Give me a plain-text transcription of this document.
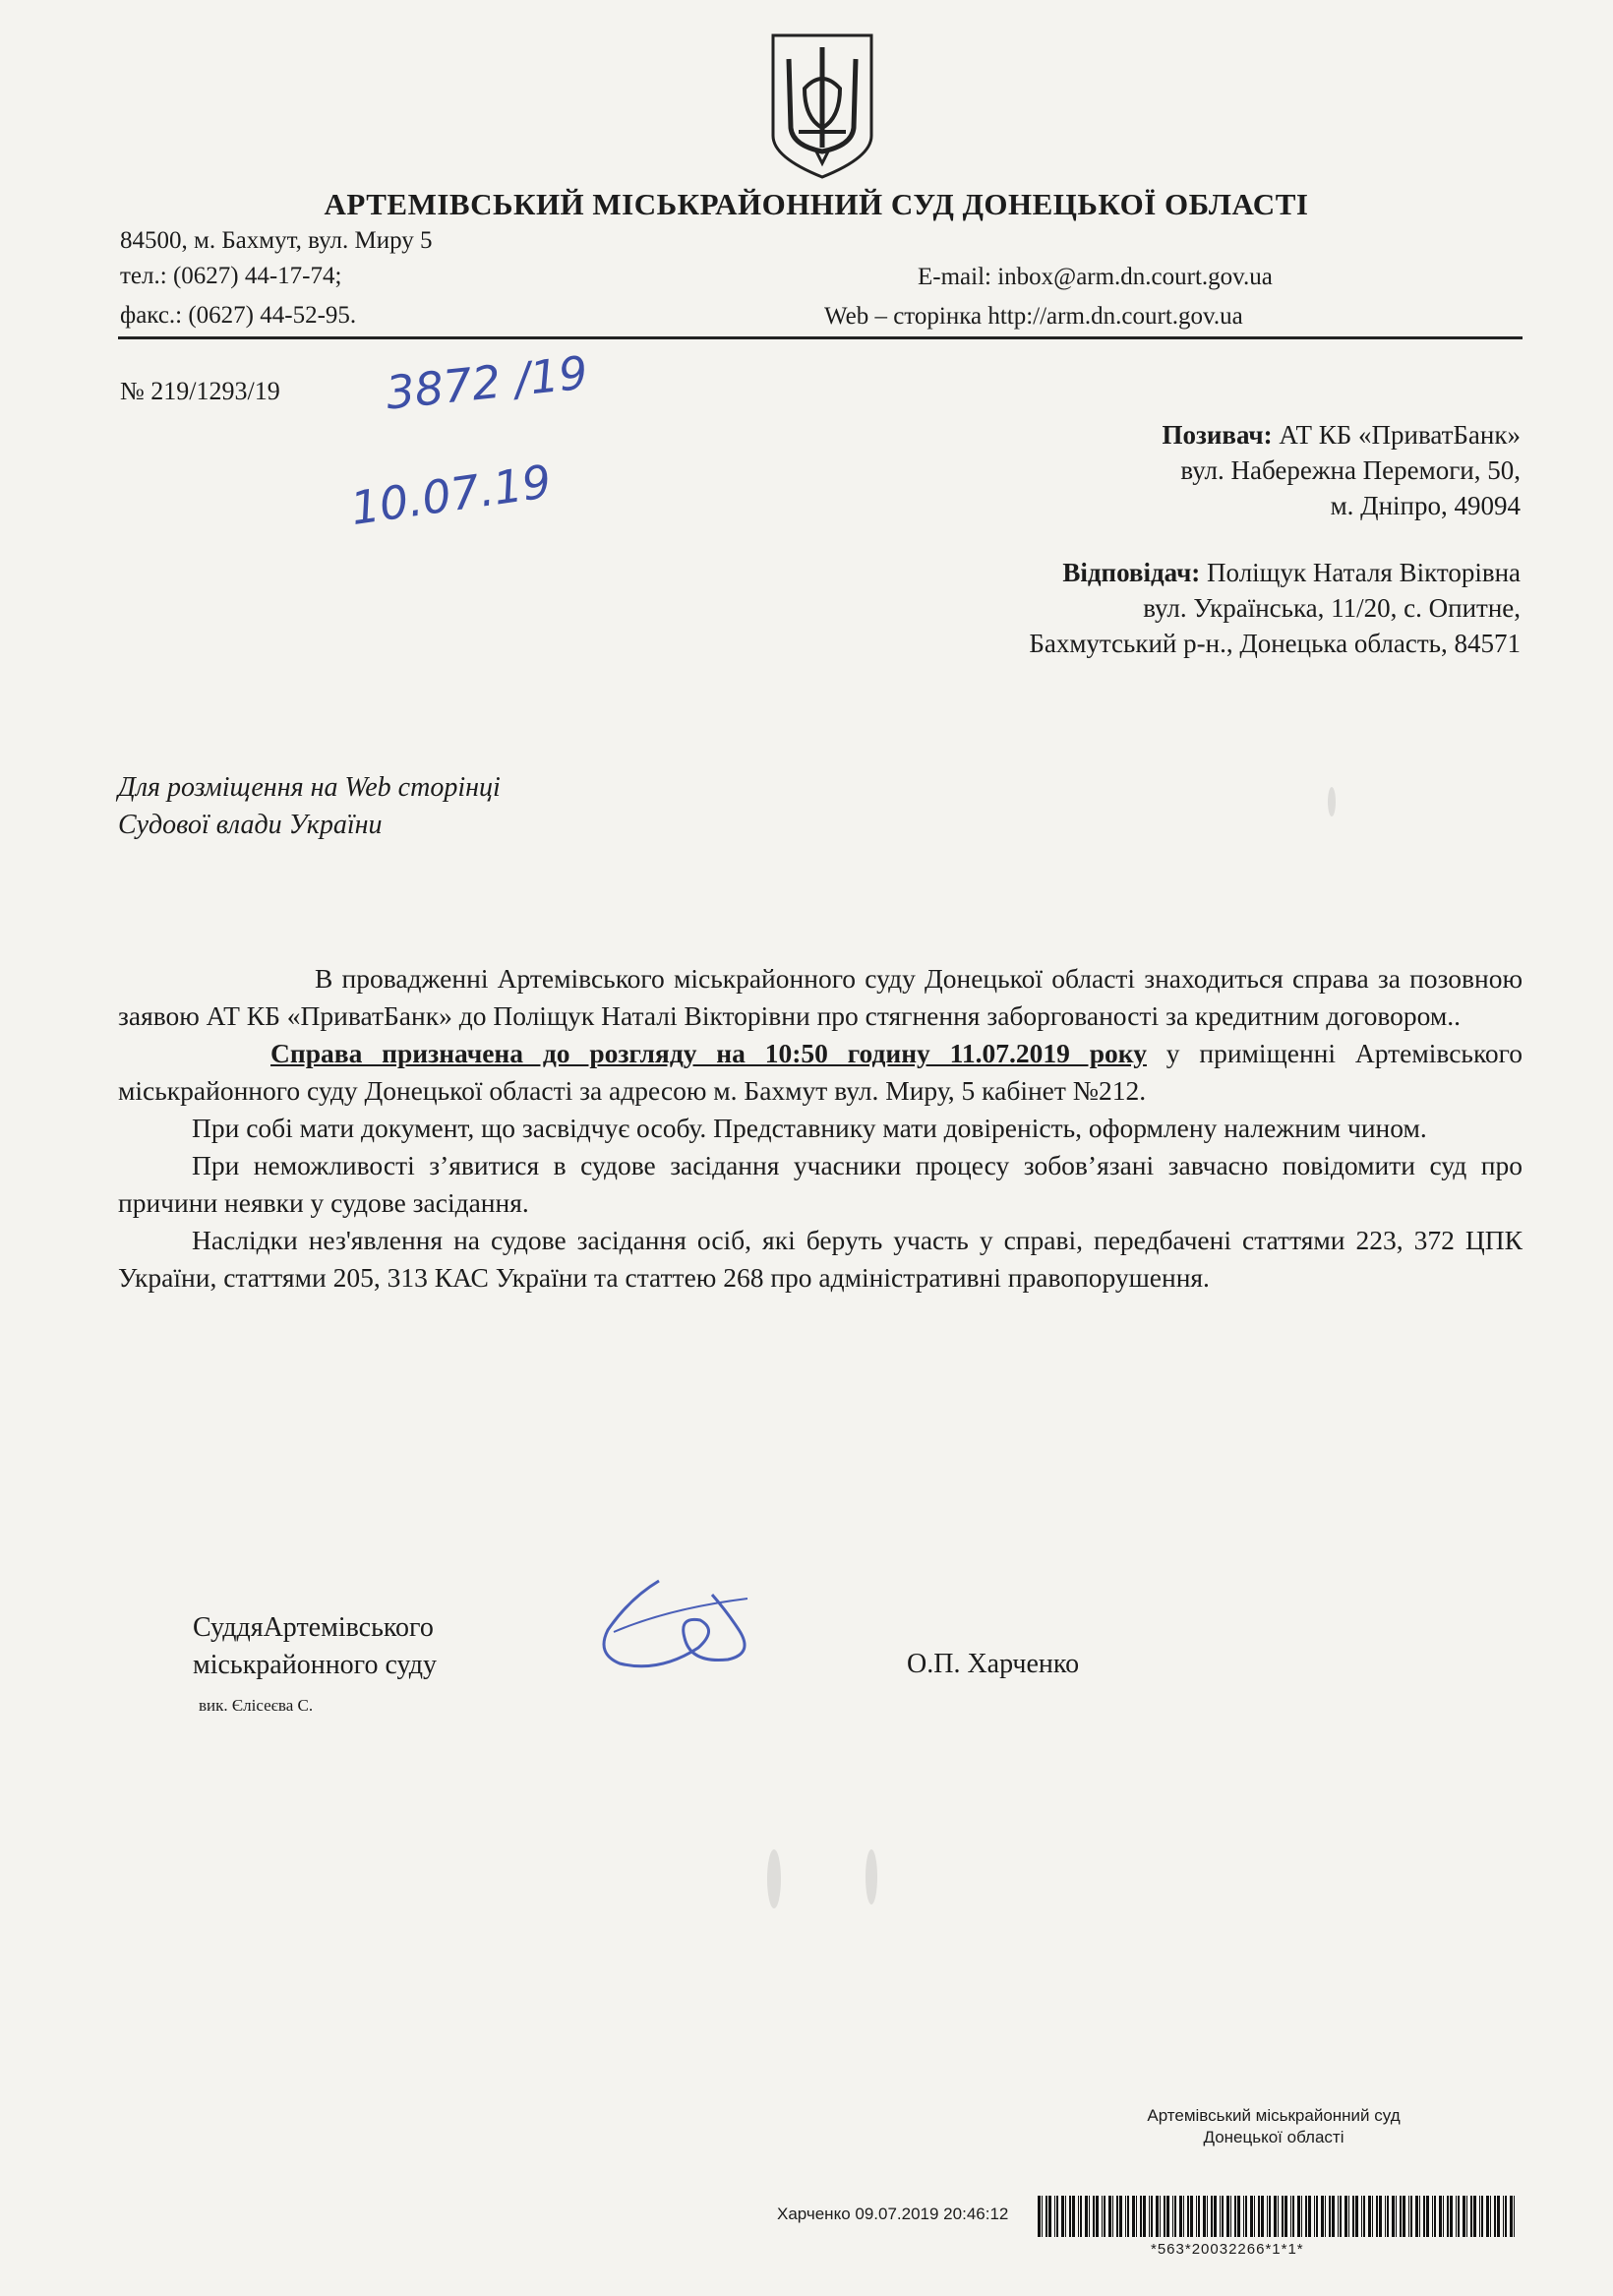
АРТЕМІВСЬКИЙ МІСЬКРАЙОННИЙ СУД ДОНЕЦЬКОЇ ОБЛАСТІ
84500, м. Бахмут, вул. Миру 5
тел.: (0627) 44-17-74;
факс.: (0627) 44-52-95.
E-mail: inbox@arm.dn.court.gov.ua
Web – сторінка http://arm.dn.court.gov.ua
№ 219/1293/19 3872 /19
10.07.19
Позивач: АТ КБ «ПриватБанк»
вул. Набережна Перемоги, 50,
м. Дніпро, 49094
Відповідач: Поліщук Наталя Вікторівна
вул. Українська, 11/20, с. Опитне,
Бахмутський р-н., Донецька область, 84571
Для розміщення на Web сторінці
Судової влади України

В провадженні Артемівського міськрайонного суду Донецької області знаходиться справа за позовною заявою АТ КБ «ПриватБанк» до Поліщук Наталі Вікторівни про стягнення заборгованості за кредитним договором..

Справа призначена до розгляду на 10:50 годину 11.07.2019 року у приміщенні Артемівського міськрайонного суду Донецької області за адресою м. Бахмут вул. Миру, 5 кабінет №212.

При собі мати документ, що засвідчує особу. Представнику мати довіреність, оформлену належним чином.

При неможливості з’явитися в судове засідання учасники процесу зобов’язані завчасно повідомити суд про причини неявки у судове засідання.

Наслідки нез'явлення на судове засідання осіб, які беруть участь у справі, передбачені статтями 223, 372 ЦПК України, статтями 205, 313 КАС України та статтею 268 про адміністративні правопорушення.

СуддяАртемівського
міськрайонного суду
вик. Єлісеєва С.
О.П. Харченко
Артемівський міськрайонний суд
Донецької області
Харченко 09.07.2019 20:46:12
*563*20032266*1*1*
